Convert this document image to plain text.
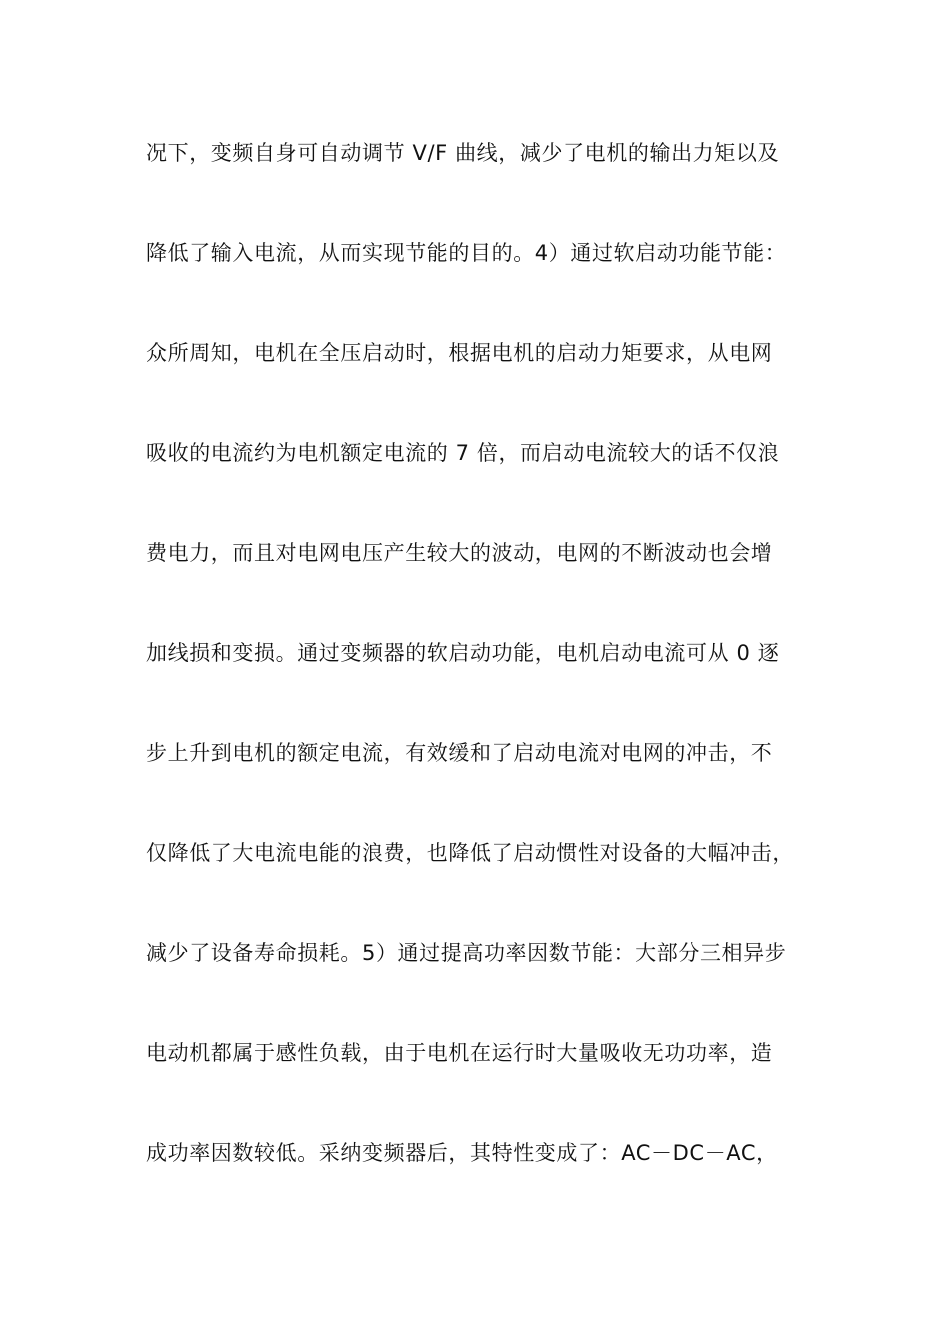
况下，变频自身可自动调节 V/F 曲线，减少了电机的输出力矩以及
降低了输入电流，从而实现节能的目的。4）通过软启动功能节能：
众所周知，电机在全压启动时，根据电机的启动力矩要求，从电网
吸收的电流约为电机额定电流的 7 倍，而启动电流较大的话不仅浪
费电力，而且对电网电压产生较大的波动，电网的不断波动也会增
加线损和变损。通过变频器的软启动功能，电机启动电流可从 0 逐
步上升到电机的额定电流，有效缓和了启动电流对电网的冲击，不
仅降低了大电流电能的浪费，也降低了启动惯性对设备的大幅冲击，
减少了设备寿命损耗。5）通过提高功率因数节能：大部分三相异步
电动机都属于感性负载，由于电机在运行时大量吸收无功功率，造
成功率因数较低。采纳变频器后，其特性变成了：AC－DC－AC，
